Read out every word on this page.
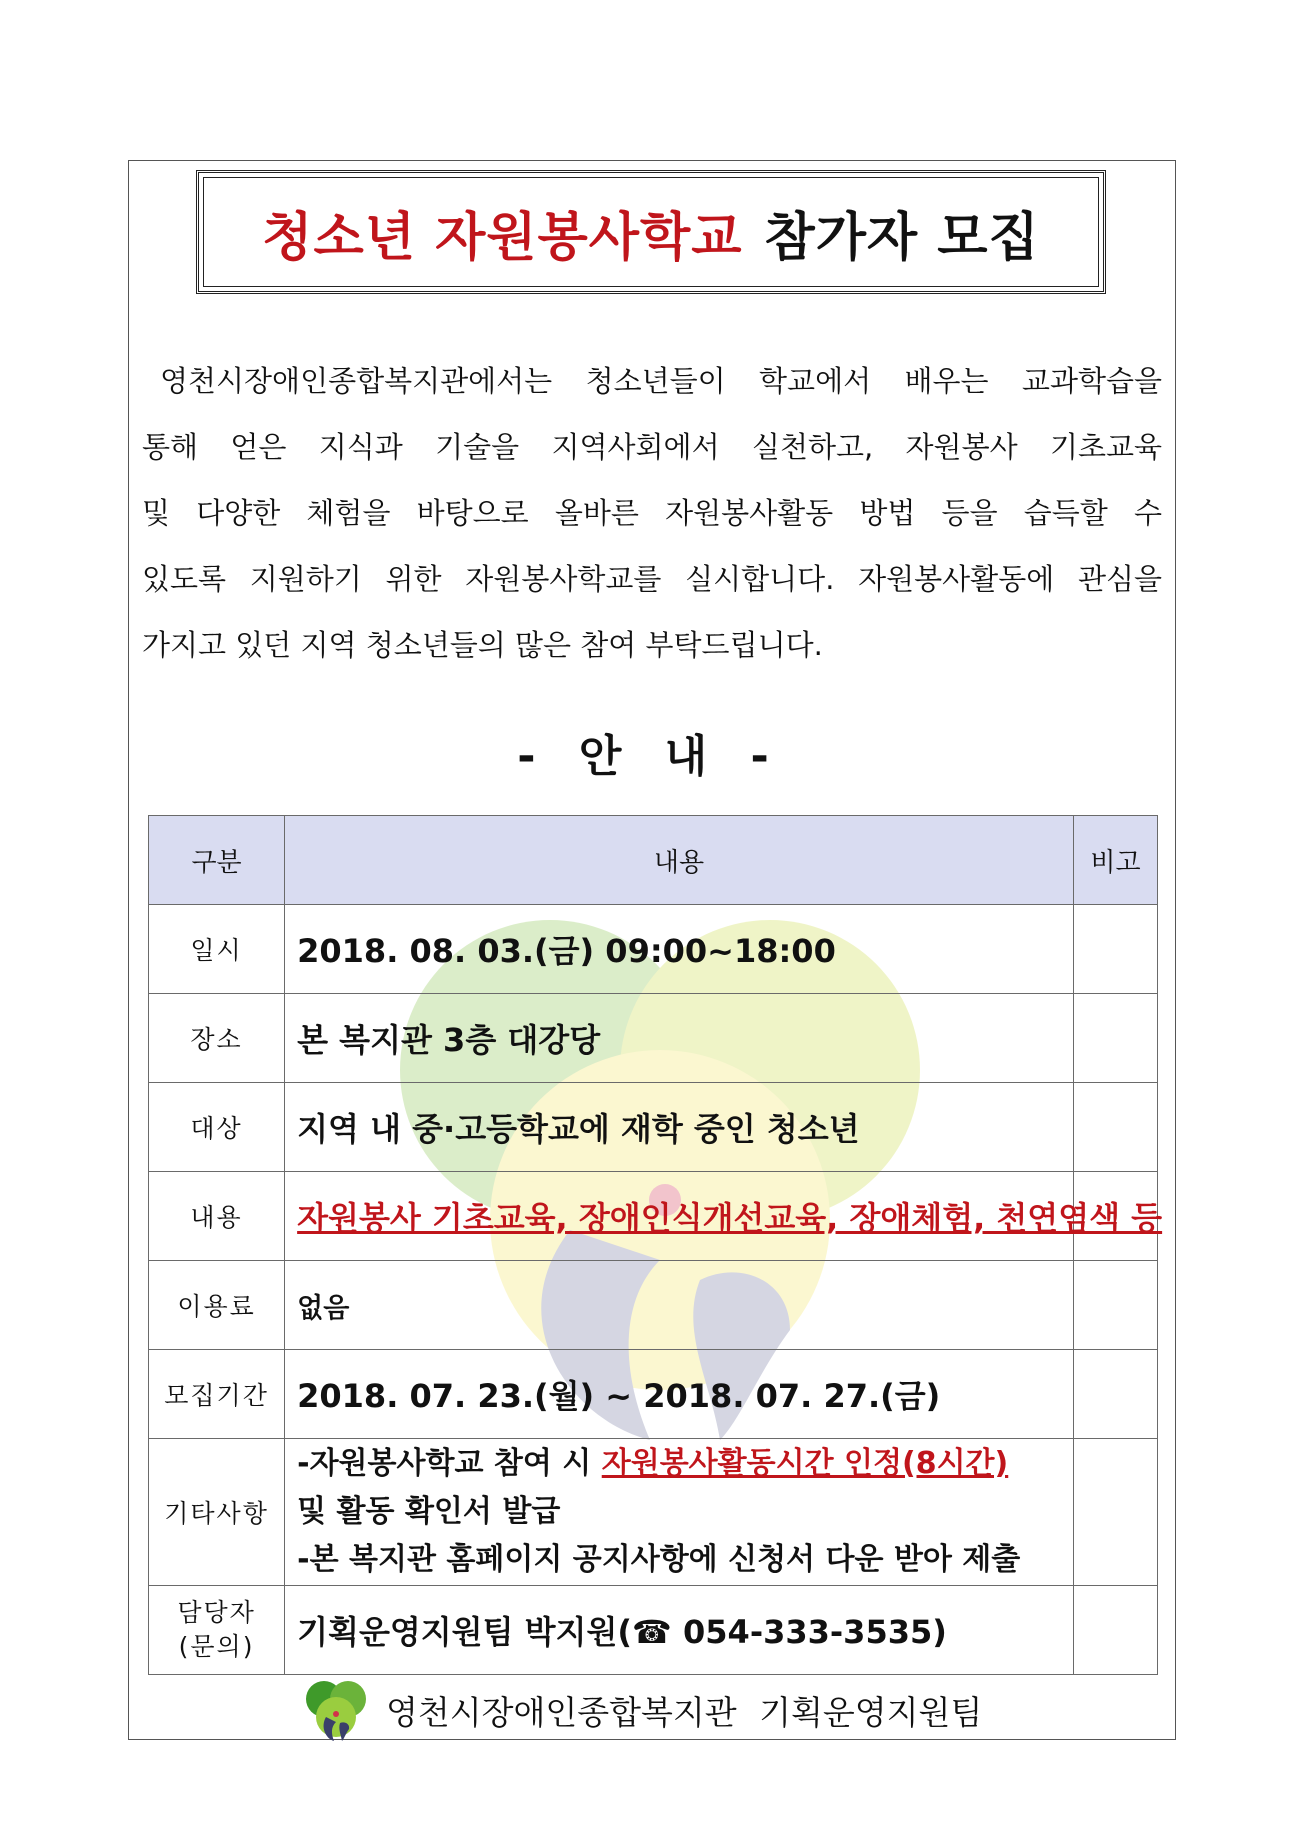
청소년 자원봉사학교 참가자 모집
영천시장애인종합복지관에서는 청소년들이 학교에서 배우는 교과학습을
통해 얻은 지식과 기술을 지역사회에서 실천하고, 자원봉사 기초교육
및 다양한 체험을 바탕으로 올바른 자원봉사활동 방법 등을 습득할 수
있도록 지원하기 위한 자원봉사학교를 실시합니다. 자원봉사활동에 관심을
가지고 있던 지역 청소년들의 많은 참여 부탁드립니다.
- 안 내 -
구분	내용	비고
일시	2018. 08. 03.(금) 09:00~18:00	
장소	본 복지관 3층 대강당	
대상	지역 내 중·고등학교에 재학 중인 청소년	
내용	자원봉사 기초교육, 장애인식개선교육, 장애체험, 천연염색 등	
이용료	없음	
모집기간	2018. 07. 23.(월) ~ 2018. 07. 27.(금)	
기타사항	-자원봉사학교 참여 시 자원봉사활동시간 인정(8시간)
및 활동 확인서 발급
-본 복지관 홈페이지 공지사항에 신청서 다운 받아 제출	

담당자
(문의)	기획운영지원팀 박지원(☎ 054-333-3535)	
영천시장애인종합복지관 기획운영지원팀
